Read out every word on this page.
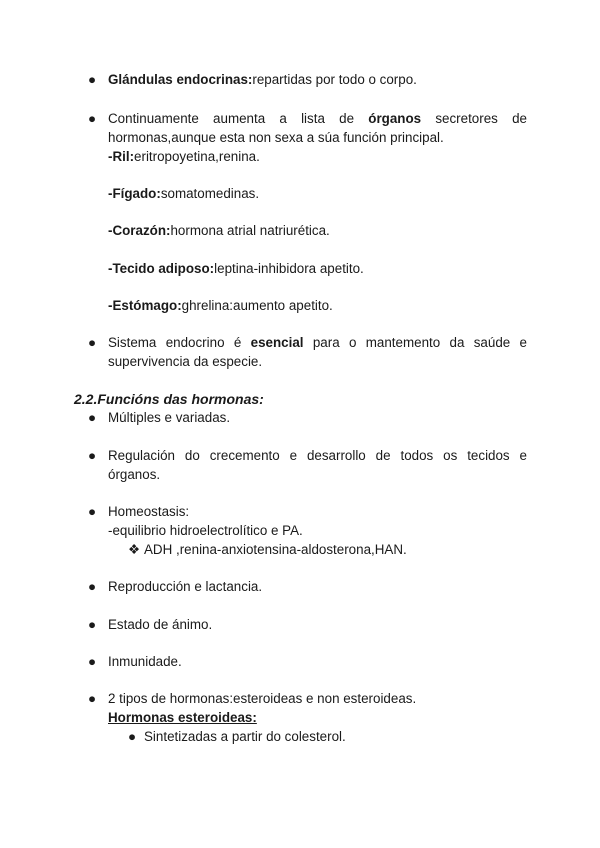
● Glándulas endocrinas:repartidas por todo o corpo.
● Continuamente aumenta a lista de órganos secretores de
hormonas,aunque esta non sexa a súa función principal.
-Ril:eritropoyetina,renina.
-Fígado:somatomedinas.
-Corazón:hormona atrial natriurética.
-Tecido adiposo:leptina-inhibidora apetito.
-Estómago:ghrelina:aumento apetito.
● Sistema endocrino é esencial para o mantemento da saúde e
supervivencia da especie.
2.2.Funcións das hormonas:
● Múltiples e variadas.
● Regulación do crecemento e desarrollo de todos os tecidos e
órganos.
● Homeostasis:
-equilibrio hidroelectrolítico e PA.
❖ ADH ,renina-anxiotensina-aldosterona,HAN.
● Reproducción e lactancia.
● Estado de ánimo.
● Inmunidade.
● 2 tipos de hormonas:esteroideas e non esteroideas.
Hormonas esteroideas:
● Sintetizadas a partir do colesterol.
